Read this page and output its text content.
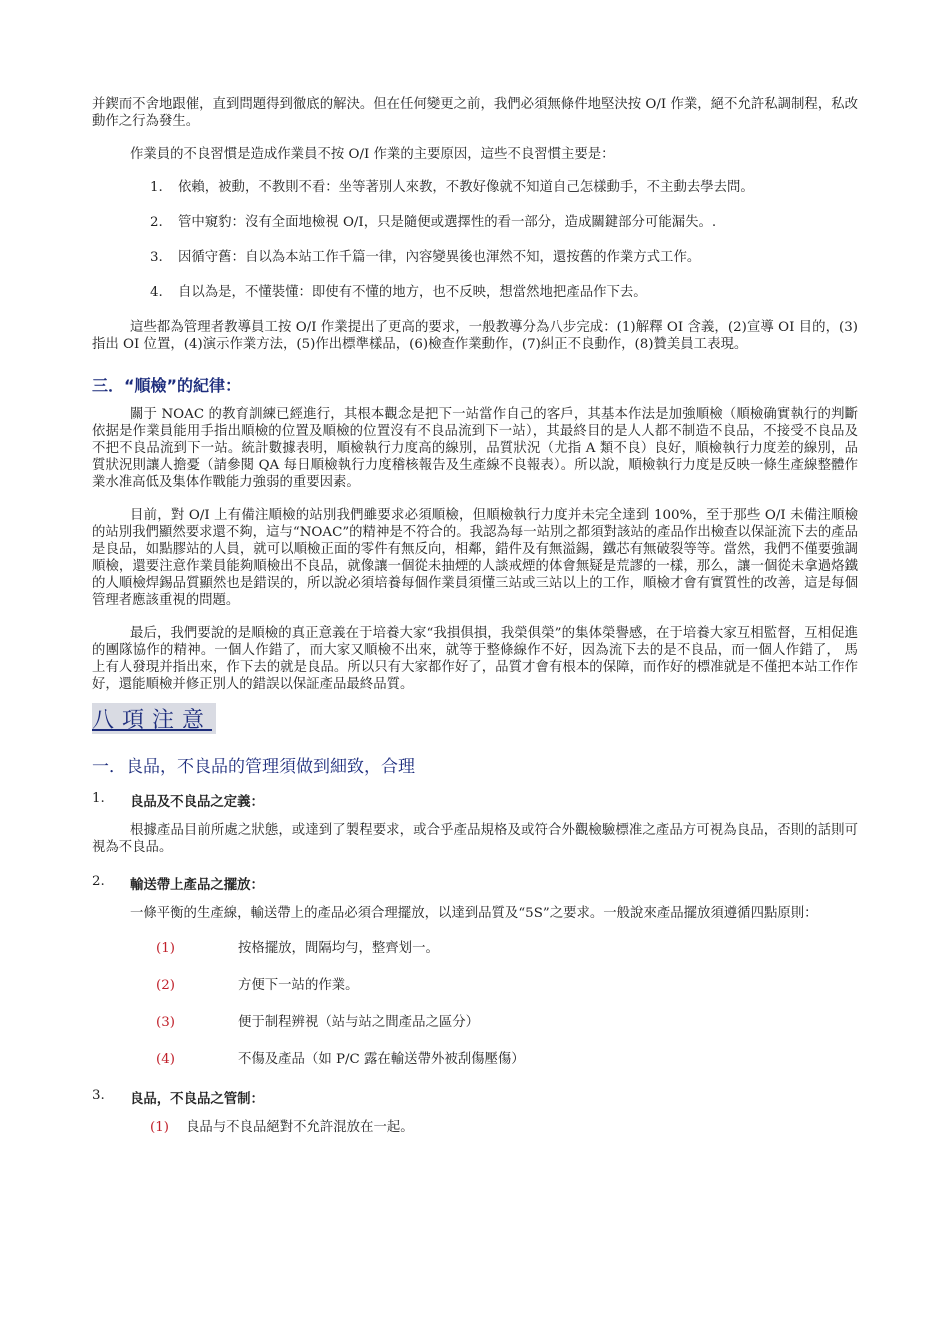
并鍥而不舍地跟催，直到問題得到徹底的解決。但在任何變更之前，我們必須無條件地堅決按 O/I 作業，絕不允許私調制程，私改動作之行為發生。

作業員的不良習慣是造成作業員不按 O/I 作業的主要原因，這些不良習慣主要是：

1.	依賴，被動，不教則不看：坐等著別人來教，不教好像就不知道自己怎樣動手，不主動去學去問。
2.	管中窺豹：沒有全面地檢視 O/I，只是隨便或選擇性的看一部分，造成關鍵部分可能漏失。.
3.	因循守舊：自以為本站工作千篇一律，內容變異後也渾然不知，還按舊的作業方式工作。
4.	自以為是，不懂裝懂：即使有不懂的地方，也不反映，想當然地把產品作下去。

這些都為管理者教導員工按 O/I 作業提出了更高的要求，一般教導分為八步完成：(1)解釋 OI 含義，(2)宣導 OI 目的，(3)指出 OI 位置，(4)演示作業方法，(5)作出標準樣品，(6)檢查作業動作，(7)糾正不良動作，(8)贊美員工表現。

三．“順檢”的紀律：

關于 NOAC 的教育訓練已經進行，其根本觀念是把下一站當作自己的客戶，其基本作法是加強順檢（順檢确實執行的判斷依据是作業員能用手指出順檢的位置及順檢的位置沒有不良品流到下一站），其最終目的是人人都不制造不良品，不接受不良品及不把不良品流到下一站。統計數據表明，順檢執行力度高的線別，品質狀況（尤指 A 類不良）良好，順檢執行力度差的線別，品質狀況則讓人擔憂（請參閱 QA 每日順檢執行力度稽核報告及生產線不良報表）。所以說，順檢執行力度是反映一條生產線整體作業水准高低及集体作戰能力強弱的重要因素。

目前，對 O/I 上有備注順檢的站別我們雖要求必須順檢，但順檢執行力度并未完全達到 100%，至于那些 O/I 未備注順檢的站別我們顯然要求還不夠，這与“NOAC”的精神是不符合的。我認為每一站別之都須對該站的產品作出檢查以保証流下去的產品是良品，如點膠站的人員，就可以順檢正面的零件有無反向，相鄰，錯件及有無溢錫，鐵芯有無破裂等等。當然，我們不僅要強調順檢，還要注意作業員能夠順檢出不良品，就像讓一個從未抽煙的人談戒煙的体會無疑是荒謬的一樣，那么，讓一個從未拿過烙鐵的人順檢焊錫品質顯然也是錯误的，所以說必須培養每個作業員須懂三站或三站以上的工作，順檢才會有實質性的改善，這是每個管理者應該重視的問題。

最后，我們要說的是順檢的真正意義在于培養大家“我損俱損，我榮俱榮”的集体榮譽感，在于培養大家互相監督，互相促進的團隊協作的精神。一個人作錯了，而大家又順檢不出來，就等于整條線作不好，因為流下去的是不良品，而一個人作錯了， 馬上有人發現并指出來，作下去的就是良品。所以只有大家都作好了，品質才會有根本的保障，而作好的標准就是不僅把本站工作作好，還能順檢并修正別人的錯誤以保証產品最終品質。

八項注意
一．良品，不良品的管理須做到細致，合理
1.	良品及不良品之定義：

根據產品目前所處之狀態，或達到了製程要求，或合乎產品規格及或符合外觀檢驗標准之產品方可視為良品，否則的話則可視為不良品。

2.	輸送帶上產品之擺放：

一條平衡的生產線，輸送帶上的產品必須合理擺放，以達到品質及“5S”之要求。一般說來產品擺放須遵循四點原則：

(1)	按格擺放，間隔均勻，整齊划一。
(2)	方便下一站的作業。
(3)	便于制程辨視（站与站之間產品之區分）
(4)	不傷及產品（如 P/C 露在輸送帶外被刮傷壓傷）
3.	良品，不良品之管制：
(1)	良品与不良品絕對不允許混放在一起。
